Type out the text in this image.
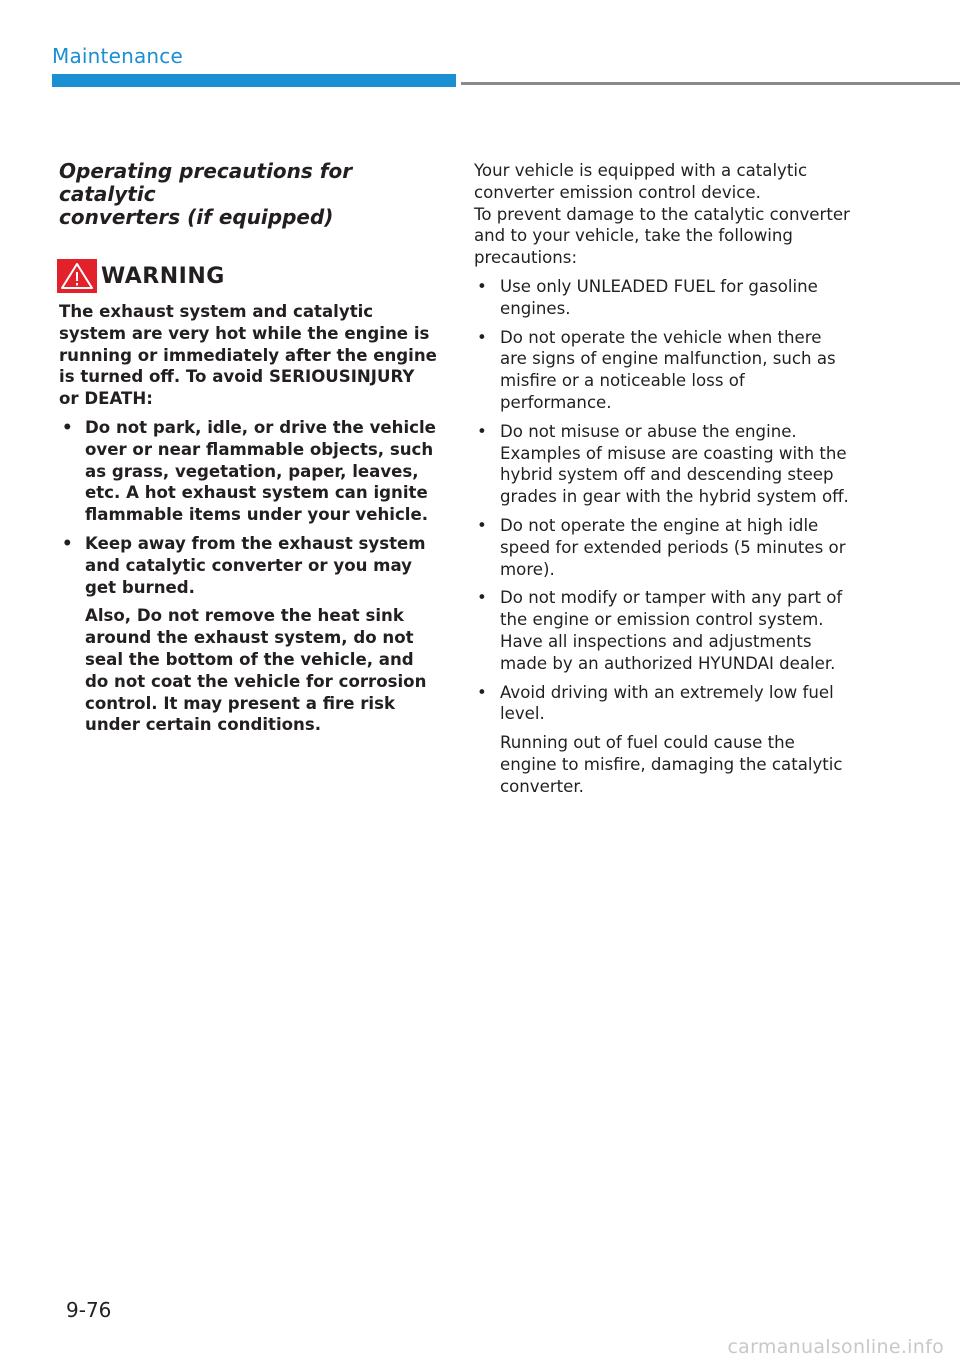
Maintenance
Operating precautions for catalytic
converters (if equipped)
WARNING

The exhaust system and catalytic system are very hot while the engine is running or immediately after the engine is turned off. To avoid SERIOUSINJURY or DEATH:

• Do not park, idle, or drive the vehicle over or near flammable objects, such as grass, vegetation, paper, leaves, etc. A hot exhaust system can ignite flammable items under your vehicle.
• Keep away from the exhaust system and catalytic converter or you may get burned.
Also, Do not remove the heat sink around the exhaust system, do not seal the bottom of the vehicle, and do not coat the vehicle for corrosion control. It may present a fire risk under certain conditions.

Your vehicle is equipped with a catalytic converter emission control device.

To prevent damage to the catalytic converter and to your vehicle, take the following precautions:

• Use only UNLEADED FUEL for gasoline engines.
• Do not operate the vehicle when there are signs of engine malfunction, such as misfire or a noticeable loss of performance.
• Do not misuse or abuse the engine. Examples of misuse are coasting with the hybrid system off and descending steep grades in gear with the hybrid system off.
• Do not operate the engine at high idle speed for extended periods (5 minutes or more).
• Do not modify or tamper with any part of the engine or emission control system. Have all inspections and adjustments made by an authorized HYUNDAI dealer.
• Avoid driving with an extremely low fuel level.
Running out of fuel could cause the engine to misfire, damaging the catalytic converter.
9-76
carmanualsonline.info
